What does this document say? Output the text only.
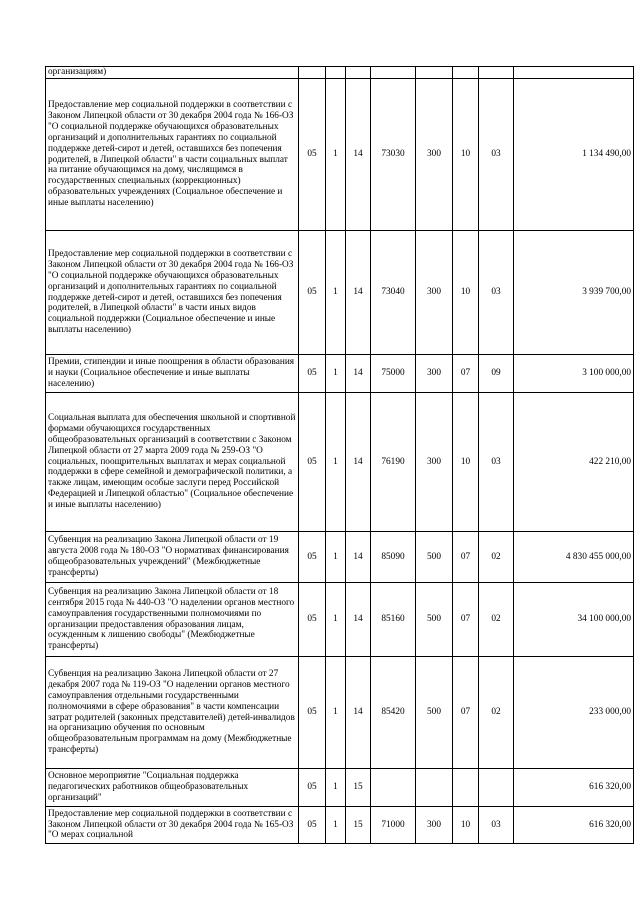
организациям)								
Предоставление мер социальной поддержки в соответствии с Законом Липецкой области от 30 декабря 2004 года № 166-ОЗ "О социальной поддержке обучающихся образовательных организаций и дополнительных гарантиях по социальной поддержке детей-сирот и детей, оставшихся без попечения родителей, в Липецкой области" в части социальных выплат на питание обучающимся на дому, числящимся в государственных специальных (коррекционных) образовательных учреждениях (Социальное обеспечение и иные выплаты населению)	05	1	14	73030	300	10	03	1 134 490,00
Предоставление мер социальной поддержки в соответствии с Законом Липецкой области от 30 декабря 2004 года № 166-ОЗ "О социальной поддержке обучающихся образовательных организаций и дополнительных гарантиях по социальной поддержке детей-сирот и детей, оставшихся без попечения родителей, в Липецкой области" в части иных видов социальной поддержки (Социальное обеспечение и иные выплаты населению)	05	1	14	73040	300	10	03	3 939 700,00
Премии, стипендии и иные поощрения в области образования и науки (Социальное обеспечение и иные выплаты населению)	05	1	14	75000	300	07	09	3 100 000,00
Социальная выплата для обеспечения школьной и спортивной формами обучающихся государственных общеобразовательных организаций в соответствии с Законом Липецкой области от 27 марта 2009 года № 259-ОЗ "О социальных, поощрительных выплатах и мерах социальной поддержки в сфере семейной и демографической политики, а также лицам, имеющим особые заслуги перед Российской Федерацией и Липецкой областью" (Социальное обеспечение и иные выплаты населению)	05	1	14	76190	300	10	03	422 210,00
Субвенция на реализацию Закона Липецкой области от 19 августа 2008 года № 180-ОЗ "О нормативах финансирования общеобразовательных учреждений" (Межбюджетные трансферты)	05	1	14	85090	500	07	02	4 830 455 000,00
Субвенция на реализацию Закона Липецкой области от 18 сентября 2015 года № 440-ОЗ "О наделении органов местного самоуправления государственными полномочиями по организации предоставления образования лицам, осужденным к лишению свободы" (Межбюджетные трансферты)	05	1	14	85160	500	07	02	34 100 000,00
Субвенция на реализацию Закона Липецкой области от 27 декабря 2007 года № 119-ОЗ "О наделении органов местного самоуправления отдельными государственными полномочиями в сфере образования" в части компенсации затрат родителей (законных представителей) детей-инвалидов на организацию обучения по основным общеобразовательным программам на дому (Межбюджетные трансферты)	05	1	14	85420	500	07	02	233 000,00
Основное мероприятие "Социальная поддержка педагогических работников общеобразовательных организаций"	05	1	15					616 320,00
Предоставление мер социальной поддержки в соответствии с Законом Липецкой области от 30 декабря 2004 года № 165-ОЗ "О мерах социальной	05	1	15	71000	300	10	03	616 320,00
